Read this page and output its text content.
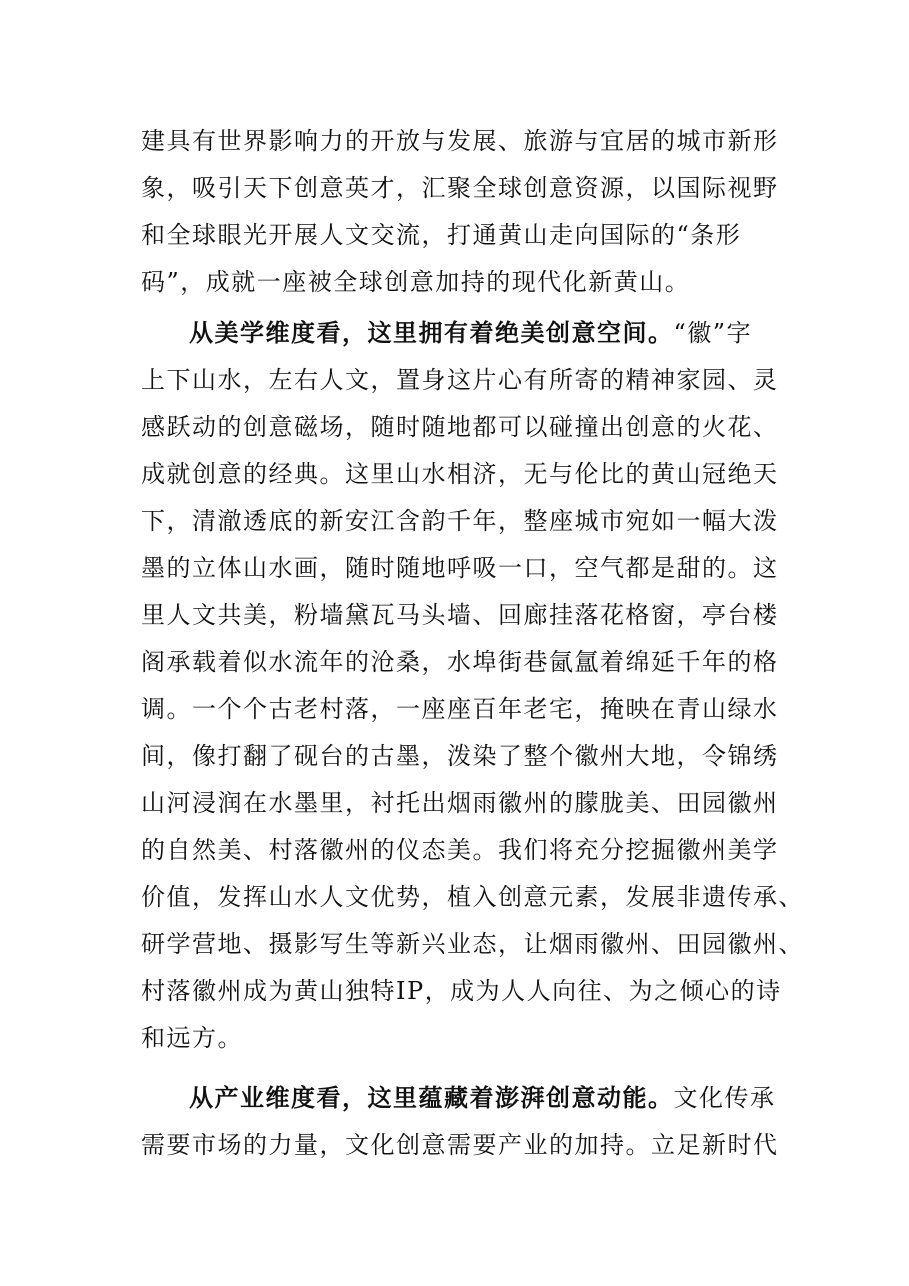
建具有世界影响力的开放与发展、旅游与宜居的城市新形
象，吸引天下创意英才，汇聚全球创意资源，以国际视野
和全球眼光开展人文交流，打通黄山走向国际的“条形
码”，成就一座被全球创意加持的现代化新黄山。
从美学维度看，这里拥有着绝美创意空间。“徽”字
上下山水，左右人文，置身这片心有所寄的精神家园、灵
感跃动的创意磁场，随时随地都可以碰撞出创意的火花、
成就创意的经典。这里山水相济，无与伦比的黄山冠绝天
下，清澈透底的新安江含韵千年，整座城市宛如一幅大泼
墨的立体山水画，随时随地呼吸一口，空气都是甜的。这
里人文共美，粉墙黛瓦马头墙、回廊挂落花格窗，亭台楼
阁承载着似水流年的沧桑，水埠街巷氤氲着绵延千年的格
调。一个个古老村落，一座座百年老宅，掩映在青山绿水
间，像打翻了砚台的古墨，泼染了整个徽州大地，令锦绣
山河浸润在水墨里，衬托出烟雨徽州的朦胧美、田园徽州
的自然美、村落徽州的仪态美。我们将充分挖掘徽州美学
价值，发挥山水人文优势，植入创意元素，发展非遗传承、
研学营地、摄影写生等新兴业态，让烟雨徽州、田园徽州、
村落徽州成为黄山独特IP，成为人人向往、为之倾心的诗
和远方。
从产业维度看，这里蕴藏着澎湃创意动能。文化传承
需要市场的力量，文化创意需要产业的加持。立足新时代
